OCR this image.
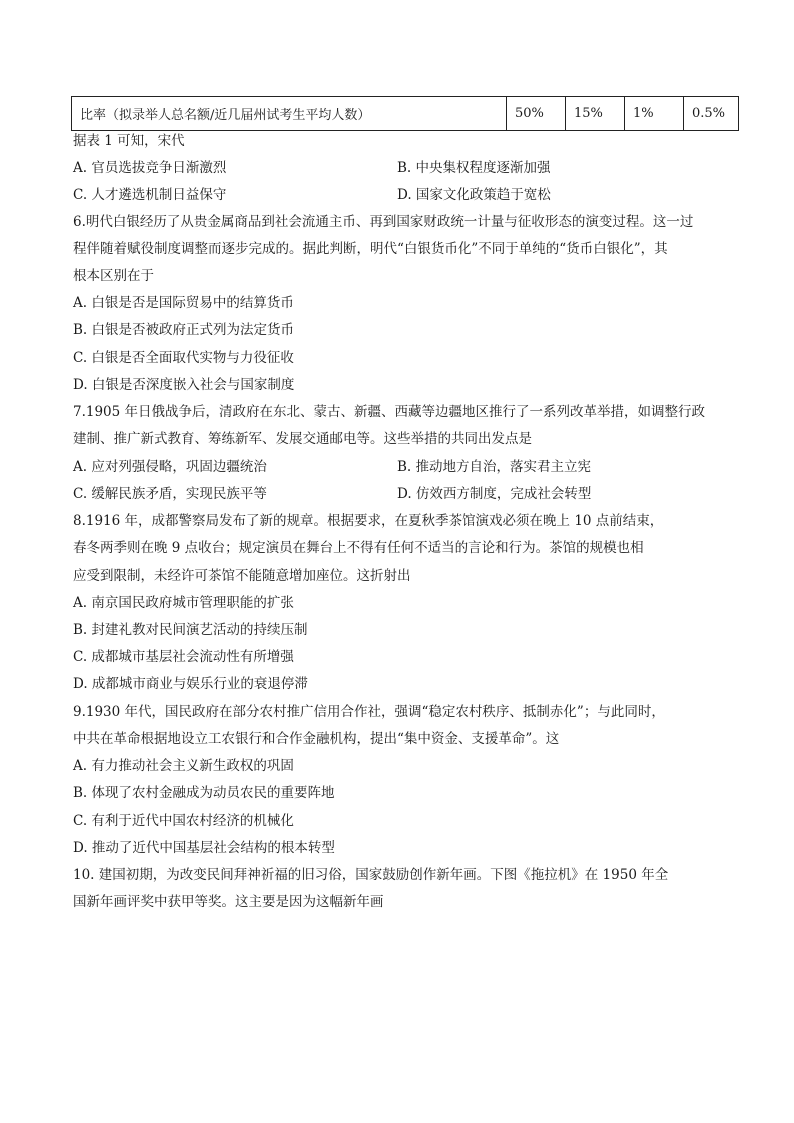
比率（拟录举人总名额/近几届州试考生平均人数）	50%	15%	1%	0.5%
据表 1 可知，宋代
A. 官员选拔竞争日渐激烈	B. 中央集权程度逐渐加强
C. 人才遴选机制日益保守	D. 国家文化政策趋于宽松
6.明代白银经历了从贵金属商品到社会流通主币、再到国家财政统一计量与征收形态的演变过程。这一过
程伴随着赋役制度调整而逐步完成的。据此判断，明代“白银货币化”不同于单纯的“货币白银化”，其
根本区别在于
A. 白银是否是国际贸易中的结算货币
B. 白银是否被政府正式列为法定货币
C. 白银是否全面取代实物与力役征收
D. 白银是否深度嵌入社会与国家制度
7.1905 年日俄战争后，清政府在东北、蒙古、新疆、西藏等边疆地区推行了一系列改革举措，如调整行政
建制、推广新式教育、筹练新军、发展交通邮电等。这些举措的共同出发点是
A. 应对列强侵略，巩固边疆统治	B. 推动地方自治，落实君主立宪
C. 缓解民族矛盾，实现民族平等	D. 仿效西方制度，完成社会转型
8.1916 年，成都警察局发布了新的规章。根据要求，在夏秋季茶馆演戏必须在晚上 10 点前结束，
春冬两季则在晚 9 点收台；规定演员在舞台上不得有任何不适当的言论和行为。茶馆的规模也相
应受到限制，未经许可茶馆不能随意增加座位。这折射出
A. 南京国民政府城市管理职能的扩张
B. 封建礼教对民间演艺活动的持续压制
C. 成都城市基层社会流动性有所增强
D. 成都城市商业与娱乐行业的衰退停滞
9.1930 年代，国民政府在部分农村推广信用合作社，强调“稳定农村秩序、抵制赤化”；与此同时，
中共在革命根据地设立工农银行和合作金融机构，提出“集中资金、支援革命”。这
A. 有力推动社会主义新生政权的巩固
B. 体现了农村金融成为动员农民的重要阵地
C. 有利于近代中国农村经济的机械化
D. 推动了近代中国基层社会结构的根本转型
10. 建国初期，为改变民间拜神祈福的旧习俗，国家鼓励创作新年画。下图《拖拉机》在 1950 年全
国新年画评奖中获甲等奖。这主要是因为这幅新年画
